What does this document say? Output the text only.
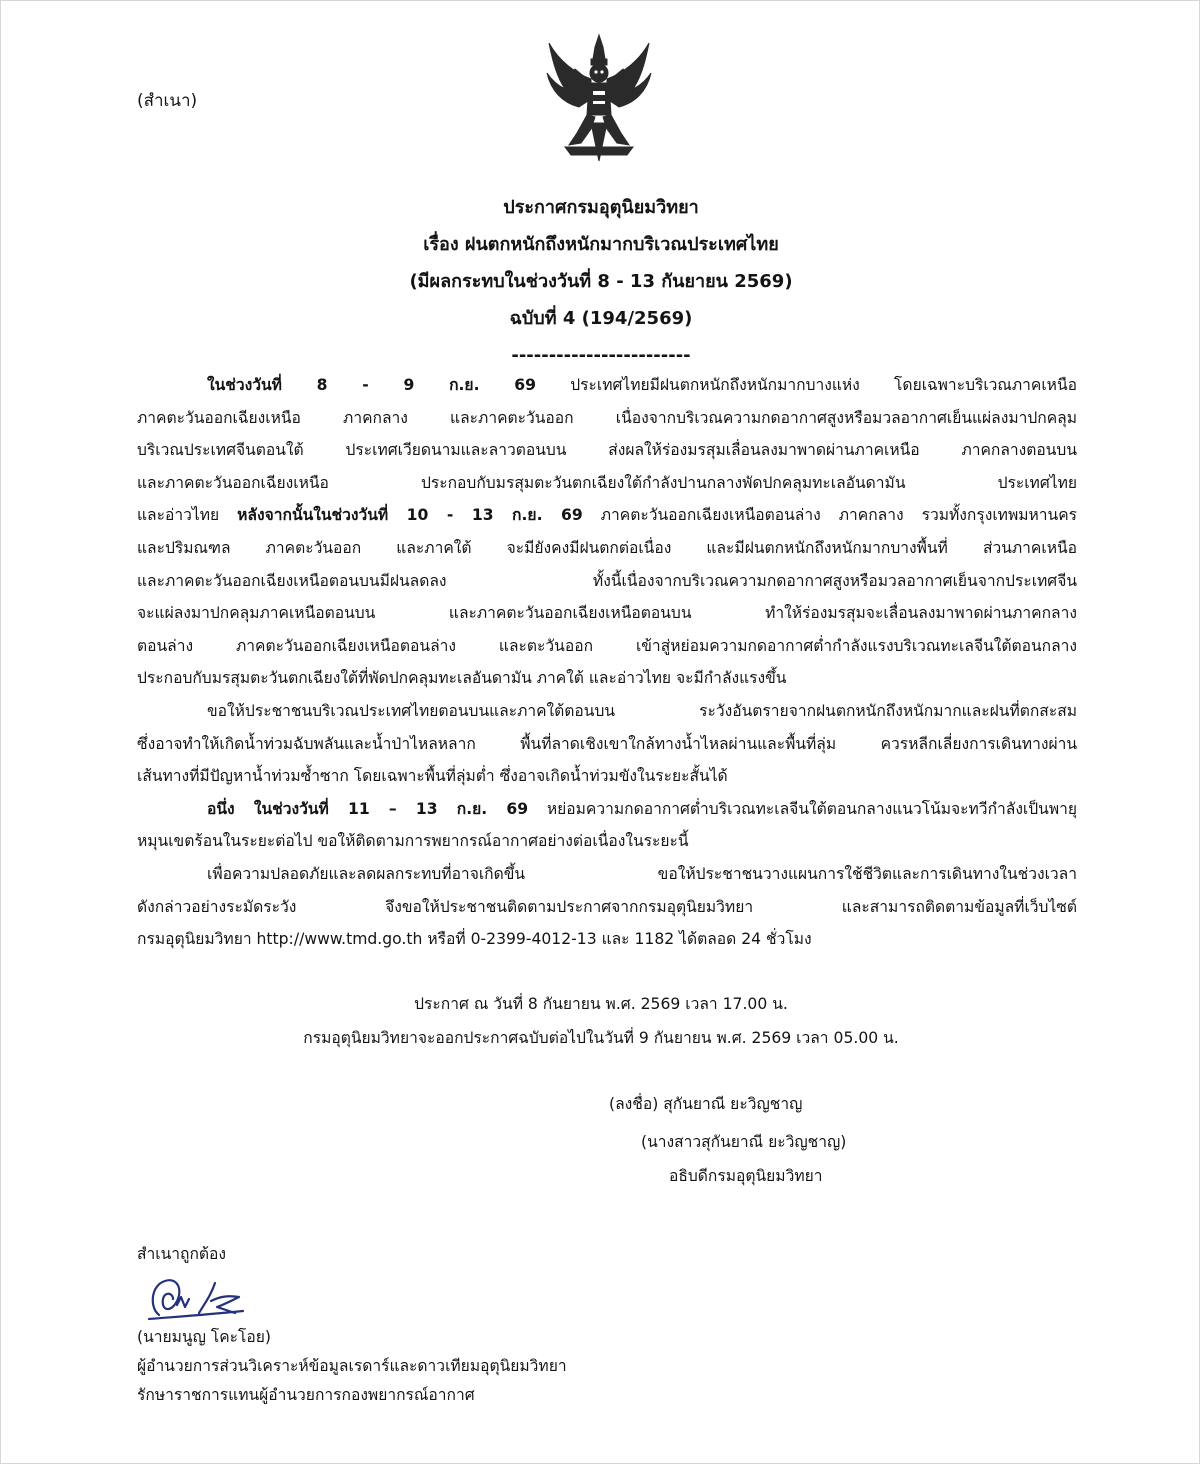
(สำเนา)
ประกาศกรมอุตุนิยมวิทยา
เรื่อง ฝนตกหนักถึงหนักมากบริเวณประเทศไทย
(มีผลกระทบในช่วงวันที่ 8 - 13 กันยายน 2569)
ฉบับที่ 4 (194/2569)
------------------------
ในช่วงวันที่ 8 - 9 ก.ย. 69 ประเทศไทยมีฝนตกหนักถึงหนักมากบางแห่ง โดยเฉพาะบริเวณภาคเหนือ
ภาคตะวันออกเฉียงเหนือ ภาคกลาง และภาคตะวันออก เนื่องจากบริเวณความกดอากาศสูงหรือมวลอากาศเย็นแผ่ลงมาปกคลุม
บริเวณประเทศจีนตอนใต้ ประเทศเวียดนามและลาวตอนบน ส่งผลให้ร่องมรสุมเลื่อนลงมาพาดผ่านภาคเหนือ ภาคกลางตอนบน
และภาคตะวันออกเฉียงเหนือ ประกอบกับมรสุมตะวันตกเฉียงใต้กำลังปานกลางพัดปกคลุมทะเลอันดามัน ประเทศไทย
และอ่าวไทย หลังจากนั้นในช่วงวันที่ 10 - 13 ก.ย. 69 ภาคตะวันออกเฉียงเหนือตอนล่าง ภาคกลาง รวมทั้งกรุงเทพมหานคร
และปริมณฑล ภาคตะวันออก และภาคใต้ จะมียังคงมีฝนตกต่อเนื่อง และมีฝนตกหนักถึงหนักมากบางพื้นที่ ส่วนภาคเหนือ
และภาคตะวันออกเฉียงเหนือตอนบนมีฝนลดลง ทั้งนี้เนื่องจากบริเวณความกดอากาศสูงหรือมวลอากาศเย็นจากประเทศจีน
จะแผ่ลงมาปกคลุมภาคเหนือตอนบน และภาคตะวันออกเฉียงเหนือตอนบน ทำให้ร่องมรสุมจะเลื่อนลงมาพาดผ่านภาคกลาง
ตอนล่าง ภาคตะวันออกเฉียงเหนือตอนล่าง และตะวันออก เข้าสู่หย่อมความกดอากาศต่ำกำลังแรงบริเวณทะเลจีนใต้ตอนกลาง
ประกอบกับมรสุมตะวันตกเฉียงใต้ที่พัดปกคลุมทะเลอันดามัน ภาคใต้ และอ่าวไทย จะมีกำลังแรงขึ้น
ขอให้ประชาชนบริเวณประเทศไทยตอนบนและภาคใต้ตอนบน ระวังอันตรายจากฝนตกหนักถึงหนักมากและฝนที่ตกสะสม
ซึ่งอาจทำให้เกิดน้ำท่วมฉับพลันและน้ำป่าไหลหลาก พื้นที่ลาดเชิงเขาใกล้ทางน้ำไหลผ่านและพื้นที่ลุ่ม ควรหลีกเลี่ยงการเดินทางผ่าน
เส้นทางที่มีปัญหาน้ำท่วมซ้ำซาก โดยเฉพาะพื้นที่ลุ่มต่ำ ซึ่งอาจเกิดน้ำท่วมขังในระยะสั้นได้
อนึ่ง ในช่วงวันที่ 11 – 13 ก.ย. 69 หย่อมความกดอากาศต่ำบริเวณทะเลจีนใต้ตอนกลางแนวโน้มจะทวีกำลังเป็นพายุ
หมุนเขตร้อนในระยะต่อไป ขอให้ติดตามการพยากรณ์อากาศอย่างต่อเนื่องในระยะนี้
เพื่อความปลอดภัยและลดผลกระทบที่อาจเกิดขึ้น ขอให้ประชาชนวางแผนการใช้ชีวิตและการเดินทางในช่วงเวลา
ดังกล่าวอย่างระมัดระวัง จึงขอให้ประชาชนติดตามประกาศจากกรมอุตุนิยมวิทยา และสามารถติดตามข้อมูลที่เว็บไซต์
กรมอุตุนิยมวิทยา http://www.tmd.go.th หรือที่ 0-2399-4012-13 และ 1182 ได้ตลอด 24 ชั่วโมง
ประกาศ ณ วันที่ 8 กันยายน พ.ศ. 2569 เวลา 17.00 น.
กรมอุตุนิยมวิทยาจะออกประกาศฉบับต่อไปในวันที่ 9 กันยายน พ.ศ. 2569 เวลา 05.00 น.
(ลงชื่อ) สุกันยาณี ยะวิญชาญ
(นางสาวสุกันยาณี ยะวิญชาญ)
อธิบดีกรมอุตุนิยมวิทยา
สำเนาถูกต้อง
(นายมนูญ โคะโอย)
ผู้อำนวยการส่วนวิเคราะห์ข้อมูลเรดาร์และดาวเทียมอุตุนิยมวิทยา
รักษาราชการแทนผู้อำนวยการกองพยากรณ์อากาศ
